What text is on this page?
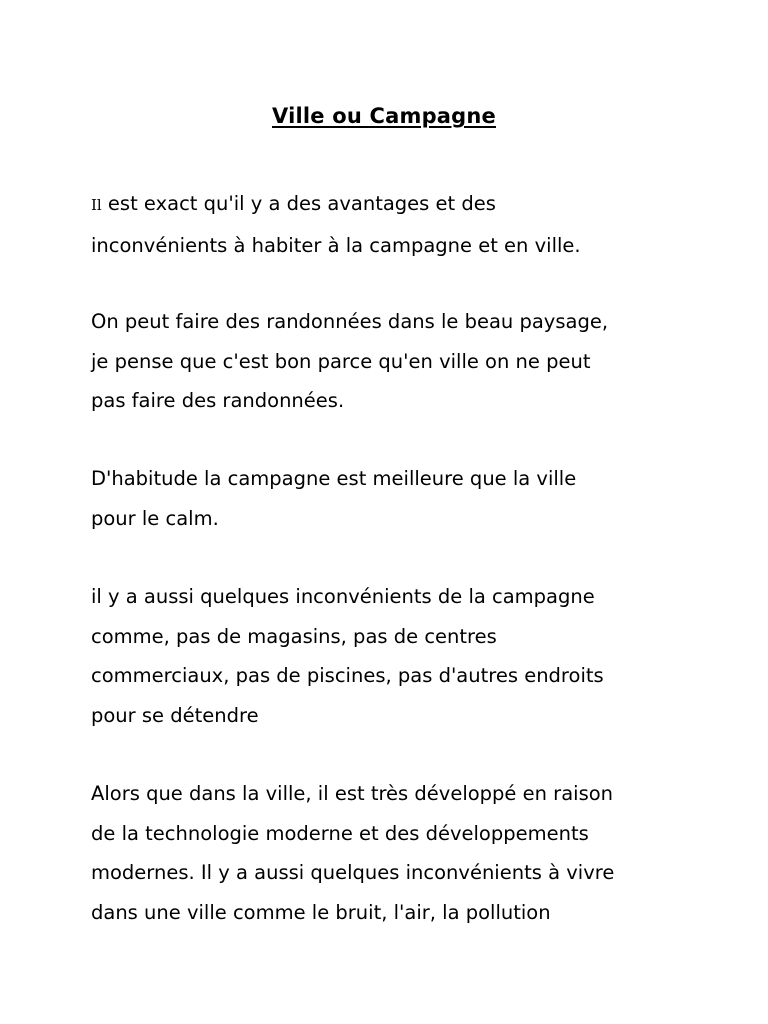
Ville ou Campagne
Il est exact qu'il y a des avantages et des
inconvénients à habiter à la campagne et en ville.
On peut faire des randonnées dans le beau paysage,
je pense que c'est bon parce qu'en ville on ne peut
pas faire des randonnées.
D'habitude la campagne est meilleure que la ville
pour le calm.
il y a aussi quelques inconvénients de la campagne
comme, pas de magasins, pas de centres
commerciaux, pas de piscines, pas d'autres endroits
pour se détendre
Alors que dans la ville, il est très développé en raison
de la technologie moderne et des développements
modernes. Il y a aussi quelques inconvénients à vivre
dans une ville comme le bruit, l'air, la pollution
